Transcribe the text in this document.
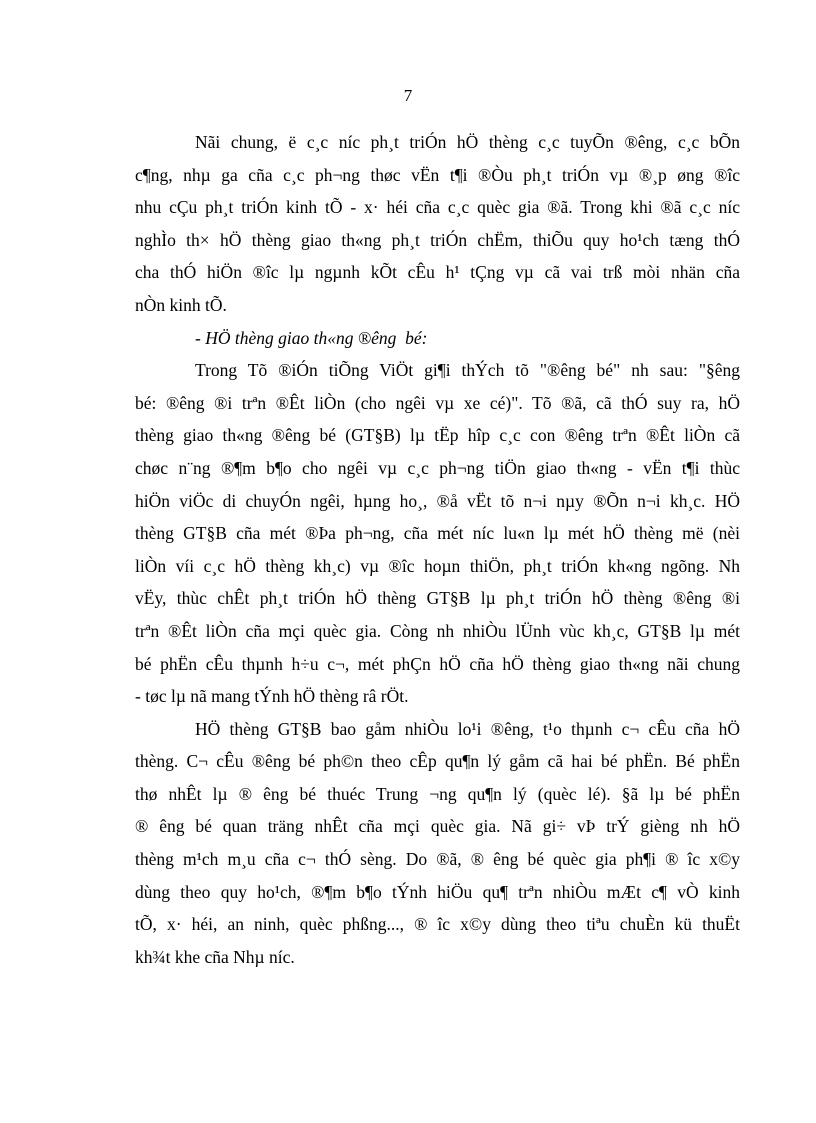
7
Nãi chung, ë c¸c níc ph¸t triÓn hÖ thèng c¸c tuyÕn ®êng, c¸c bÕn
c¶ng, nhµ ga cña c¸c ph¬ng thøc vËn t¶i ®Òu ph¸t triÓn vµ ®¸p øng ®îc
nhu cÇu ph¸t triÓn kinh tÕ - x· héi cña c¸c quèc gia ®ã. Trong khi ®ã c¸c níc
nghÌo th× hÖ thèng giao th«ng ph¸t triÓn chËm, thiÕu quy ho¹ch tæng thÓ
cha thÓ hiÖn ®îc lµ ngµnh kÕt cÊu h¹ tÇng vµ cã vai trß mòi nhän cña
nÒn kinh tÕ.
- HÖ thèng giao th«ng ®êng  bé:
Trong Tõ ®iÓn tiÕng ViÖt gi¶i thÝch tõ "®êng bé" nh sau: "§êng
bé: ®êng ®i trªn ®Êt liÒn (cho ngêi vµ xe cé)". Tõ ®ã, cã thÓ suy ra, hÖ
thèng giao th«ng ®êng bé (GT§B) lµ tËp hîp c¸c con ®êng trªn ®Êt liÒn cã
chøc n¨ng ®¶m b¶o cho ngêi vµ c¸c ph¬ng tiÖn giao th«ng - vËn t¶i thùc
hiÖn viÖc di chuyÓn ngêi, hµng ho¸, ®å vËt tõ n¬i nµy ®Õn n¬i kh¸c. HÖ
thèng GT§B cña mét ®Þa ph¬ng, cña mét níc lu«n lµ mét hÖ thèng më (nèi
liÒn víi c¸c hÖ thèng kh¸c) vµ ®îc hoµn thiÖn, ph¸t triÓn kh«ng ngõng. Nh
vËy, thùc chÊt ph¸t triÓn hÖ thèng GT§B lµ ph¸t triÓn hÖ thèng ®êng ®i
trªn ®Êt liÒn cña mçi quèc gia. Còng nh nhiÒu lÜnh vùc kh¸c, GT§B lµ mét
bé phËn cÊu thµnh h÷u c¬, mét phÇn hÖ cña hÖ thèng giao th«ng nãi chung
- tøc lµ nã mang tÝnh hÖ thèng râ rÖt.
HÖ thèng GT§B bao gåm nhiÒu lo¹i ®êng, t¹o thµnh c¬ cÊu cña hÖ
thèng. C¬ cÊu ®êng bé ph©n theo cÊp qu¶n lý gåm cã hai bé phËn. Bé phËn
thø nhÊt lµ ® êng bé thuéc Trung ¬ng qu¶n lý (quèc lé). §ã lµ bé phËn
® êng bé quan träng nhÊt cña mçi quèc gia. Nã gi÷ vÞ trÝ gièng nh hÖ
thèng m¹ch m¸u cña c¬ thÓ sèng. Do ®ã, ® êng bé quèc gia ph¶i ® îc x©y
dùng theo quy ho¹ch, ®¶m b¶o tÝnh hiÖu qu¶ trªn nhiÒu mÆt c¶ vÒ kinh
tÕ, x· héi, an ninh, quèc phßng..., ® îc x©y dùng theo tiªu chuÈn kü thuËt
kh¾t khe cña Nhµ níc.
